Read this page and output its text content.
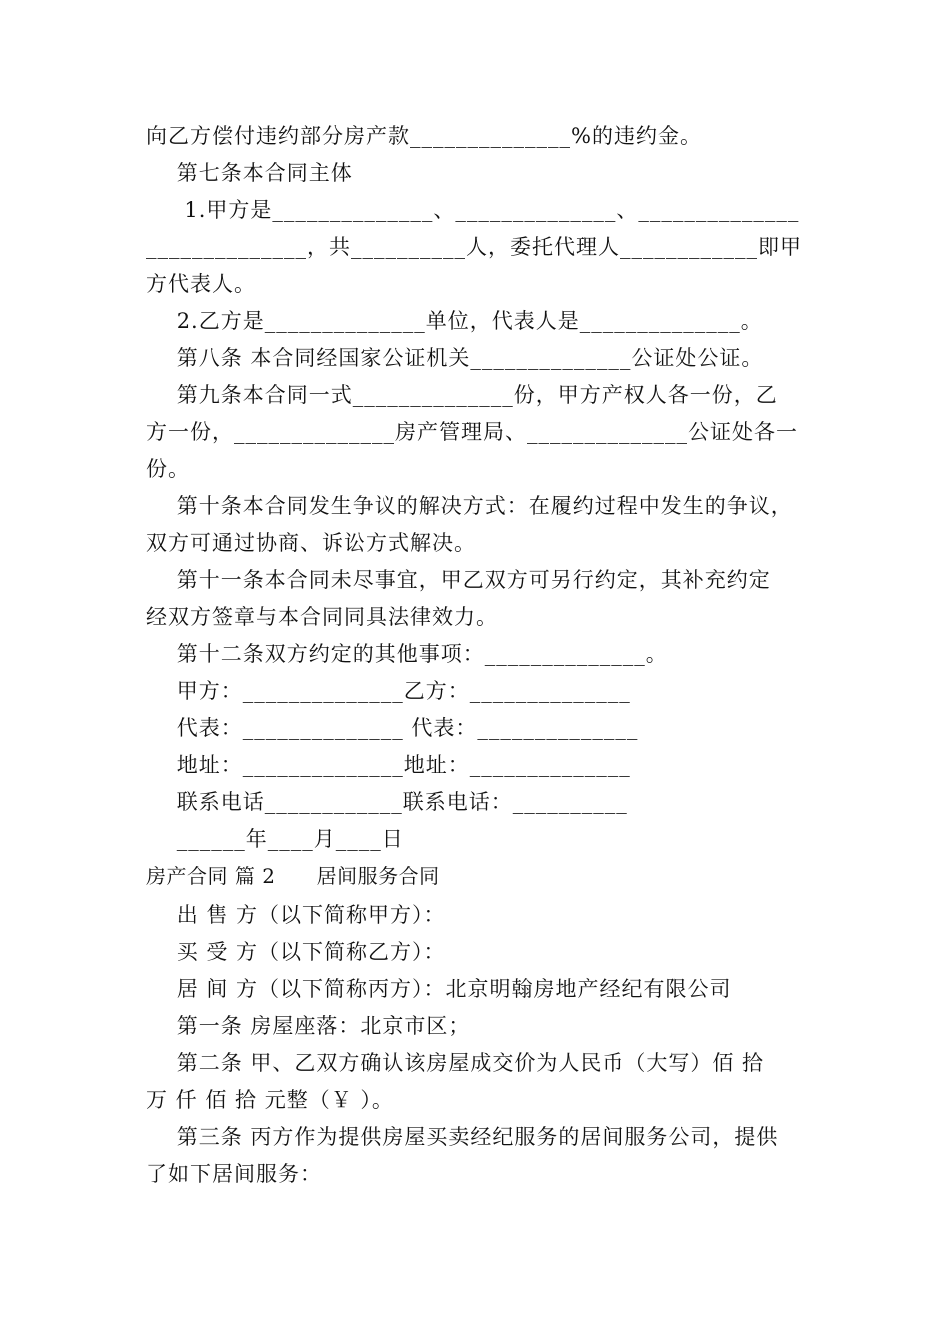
向乙方偿付违约部分房产款______________%的违约金。
第七条本合同主体
1.甲方是______________、______________、______________
______________，共__________人，委托代理人____________即甲
方代表人。
2.乙方是______________单位，代表人是______________。
第八条 本合同经国家公证机关______________公证处公证。
第九条本合同一式______________份，甲方产权人各一份，乙
方一份，______________房产管理局、______________公证处各一
份。
第十条本合同发生争议的解决方式：在履约过程中发生的争议，
双方可通过协商、诉讼方式解决。
第十一条本合同未尽事宜，甲乙双方可另行约定，其补充约定
经双方签章与本合同同具法律效力。
第十二条双方约定的其他事项：______________。
甲方：______________乙方：______________
代表：______________ 代表：______________
地址：______________地址：______________
联系电话____________联系电话：__________
______年____月____日
房产合同 篇 2      居间服务合同
出 售 方（以下简称甲方）：
买 受 方（以下简称乙方）：
居 间 方（以下简称丙方）：北京明翰房地产经纪有限公司
第一条 房屋座落：北京市区；
第二条 甲、乙双方确认该房屋成交价为人民币（大写）佰 拾
万 仟 佰 拾 元整（￥ ）。
第三条 丙方作为提供房屋买卖经纪服务的居间服务公司，提供
了如下居间服务：
